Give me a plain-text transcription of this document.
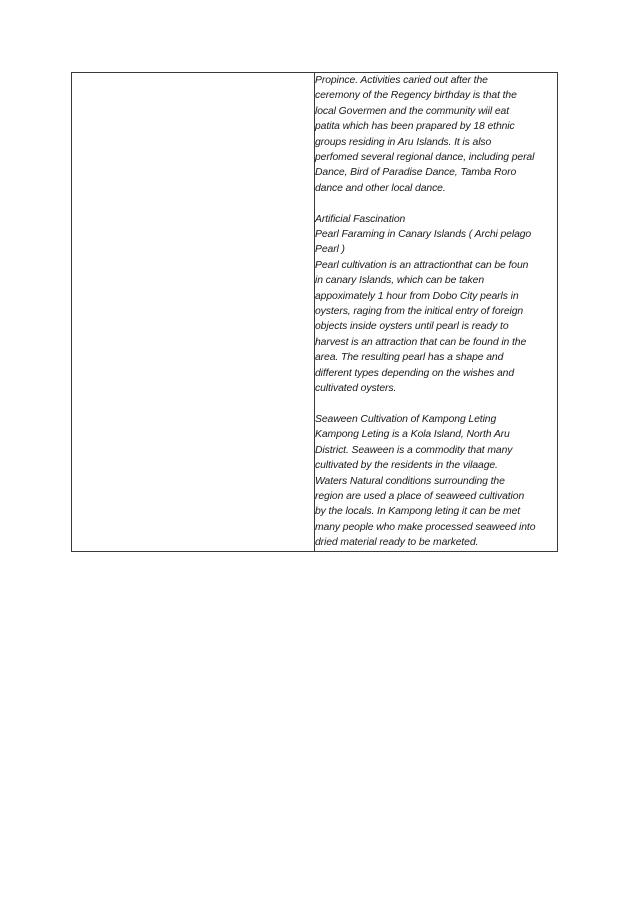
Propince. Activities caried out after the
ceremony of the Regency birthday is that the
local Govermen and the community wiil eat
patita which has been prapared by 18 ethnic
groups residing in Aru Islands. It is also
perfomed several regional dance, including peral
Dance, Bird of Paradise Dance, Tamba Roro
dance and other local dance.
Artificial Fascination
Pearl Faraming in Canary Islands ( Archi pelago
Pearl )
Pearl cultivation is an attractionthat can be foun
in canary Islands, which can be taken
appoximately 1 hour from Dobo City pearls in
oysters, raging from the initical entry of foreign
objects inside oysters until pearl is ready to
harvest is an attraction that can be found in the
area. The resulting pearl has a shape and
different types depending on the wishes and
cultivated oysters.
Seaween Cultivation of Kampong Leting
Kampong Leting is a Kola Island, North Aru
District. Seaween is a commodity that many
cultivated by the residents in the vilaage.
Waters Natural conditions surrounding the
region are used a place of seaweed cultivation
by the locals. In Kampong leting it can be met
many people who make processed seaweed into
dried material ready to be marketed.
